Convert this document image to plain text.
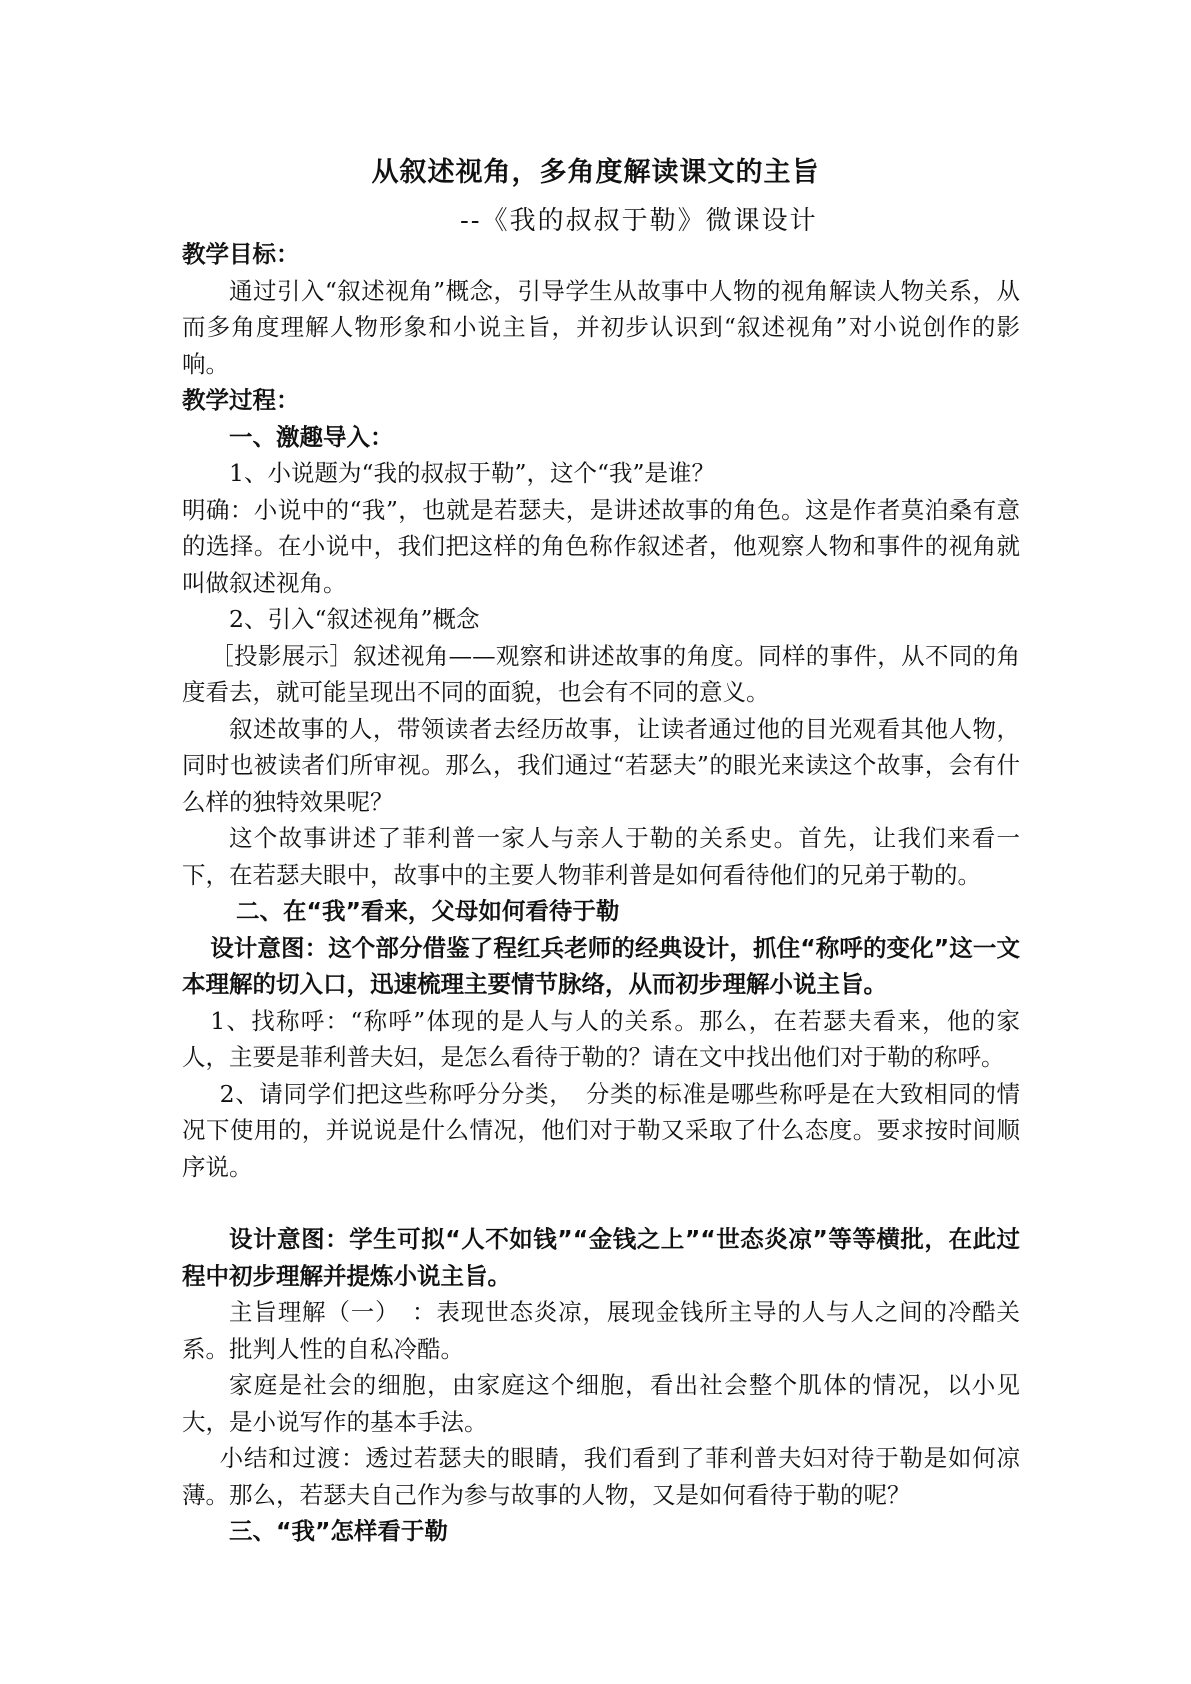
从叙述视角，多角度解读课文的主旨
--《我的叔叔于勒》微课设计

教学目标：

通过引入“叙述视角”概念，引导学生从故事中人物的视角解读人物关系，从而多角度理解人物形象和小说主旨，并初步认识到“叙述视角”对小说创作的影响。

教学过程：

一、激趣导入：

1、小说题为“我的叔叔于勒”，这个“我”是谁？

明确：小说中的“我”，也就是若瑟夫，是讲述故事的角色。这是作者莫泊桑有意的选择。在小说中，我们把这样的角色称作叙述者，他观察人物和事件的视角就叫做叙述视角。

2、引入“叙述视角”概念

［投影展示］叙述视角——观察和讲述故事的角度。同样的事件，从不同的角度看去，就可能呈现出不同的面貌，也会有不同的意义。

叙述故事的人，带领读者去经历故事，让读者通过他的目光观看其他人物，同时也被读者们所审视。那么，我们通过“若瑟夫”的眼光来读这个故事，会有什么样的独特效果呢？

这个故事讲述了菲利普一家人与亲人于勒的关系史。首先，让我们来看一下，在若瑟夫眼中，故事中的主要人物菲利普是如何看待他们的兄弟于勒的。

二、在“我”看来，父母如何看待于勒

设计意图：这个部分借鉴了程红兵老师的经典设计，抓住“称呼的变化”这一文本理解的切入口，迅速梳理主要情节脉络，从而初步理解小说主旨。

1、找称呼：“称呼”体现的是人与人的关系。那么，在若瑟夫看来，他的家人，主要是菲利普夫妇，是怎么看待于勒的？请在文中找出他们对于勒的称呼。

2、请同学们把这些称呼分分类，　分类的标准是哪些称呼是在大致相同的情况下使用的，并说说是什么情况，他们对于勒又采取了什么态度。要求按时间顺序说。

设计意图：学生可拟“人不如钱”“金钱之上”“世态炎凉”等等横批，在此过程中初步理解并提炼小说主旨。

主旨理解（一）　：表现世态炎凉，展现金钱所主导的人与人之间的冷酷关系。批判人性的自私冷酷。

家庭是社会的细胞，由家庭这个细胞，看出社会整个肌体的情况，以小见大，是小说写作的基本手法。

小结和过渡：透过若瑟夫的眼睛，我们看到了菲利普夫妇对待于勒是如何凉薄。那么，若瑟夫自己作为参与故事的人物，又是如何看待于勒的呢？

三、“我”怎样看于勒
